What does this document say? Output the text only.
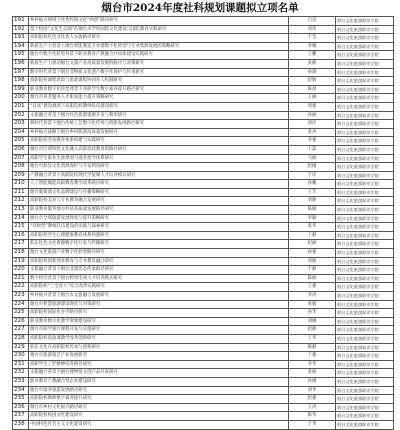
烟台市2024年度社科规划课题拟立项名单
191	乡村振兴视域下优秀传统文化“两创”路径研究	吕雷	烟台文化旅游职业学院
192	基于校园“文化生态圈”的烟台市学校国防文化建设与国防教育实践研究	刘伟	烟台文化旅游职业学院
193	高职院校红色文化育人实施路径研究	于莹	烟台文化旅游职业学院
194	新质生产力背景下烟台智能制造专业群数字化转型与专业集群发展的策略研究	李娜	烟台文化旅游职业学院
195	烟台市数字化转型背景下职业教育产教融合共同体建设实践研究	王鹏	烟台文化旅游职业学院
196	新质生产力驱动烟台文旅产业高质量发展的路径与对策研究	张静	烟台文化旅游职业学院
197	数字时代背景下烟台非物质文化遗产数字化保护与传承研究	孙晓	烟台文化旅游职业学院
198	高职院校课程思政与思政课程协同育人机制研究	赵敏	烟台文化旅游职业学院
199	职业教育数字化转型背景下高职学生数字素养提升路径研究	陈晨	烟台文化旅游职业学院
200	烟台市养老服务人才职业能力提升策略研究	王丽	烟台文化旅游职业学院
201	“双高”建设视域下高职院校教师队伍建设研究	周强	烟台文化旅游职业学院
202	文旅融合背景下烟台红色旅游资源开发与利用研究	孙丽	烟台文化旅游职业学院
203	新时代背景下烟台传统工艺数字化传承与创新发展路径研究	刘洋	烟台文化旅游职业学院
204	乡村振兴战略下烟台乡村旅游高质量发展研究	张涛	烟台文化旅游职业学院
205	高职院校劳动教育体系构建与实践研究	李强	烟台文化旅游职业学院
206	烟台市区域特色文化融入高职思政教育的路径研究	王磊	烟台文化旅游职业学院
207	高职学生职业生涯规划与就业指导体系研究	马丽	烟台文化旅游职业学院
208	烟台市海洋文化资源保护与开发利用研究	赵刚	烟台文化旅游职业学院
209	产教融合背景下高职院校现代学徒制人才培养模式研究	于洋	烟台文化旅游职业学院
210	人工智能赋能高职教育教学改革路径研究	孙鹏	烟台文化旅游职业学院
211	烟台葡萄酒文化品牌建设与传播策略研究	王芳	烟台文化旅游职业学院
212	高职院校美育与专业教育融合发展研究	刘静	烟台文化旅游职业学院
213	职业教育服务地方经济高质量发展路径研究	陈刚	烟台文化旅游职业学院
214	烟台市全域旅游发展现状与提升策略研究	李敏	烟台文化旅游职业学院
215	“双师型”教师队伍建设的实践与探索研究	张华	烟台文化旅游职业学院
216	高职院校学生心理健康教育体系构建研究	王静	烟台文化旅游职业学院
217	胶东红色文化资源数字化开发与传播研究	赵丽	烟台文化旅游职业学院
218	烟台文化旅游产业数字化转型路径研究	孙强	烟台文化旅游职业学院
219	高职院校创新创业教育与专业教育融合研究	刘敏	烟台文化旅游职业学院
220	文旅融合背景下烟台非遗活态传承路径研究	于静	烟台文化旅游职业学院
221	数字经济背景下烟台跨境电商人才培养模式研究	陈丽	烟台文化旅游职业学院
222	高职院校“三全育人”综合改革实践研究	王强	烟台文化旅游职业学院
223	乡村振兴背景下烟台农文旅融合发展研究	李涛	烟台文化旅游职业学院
224	烟台市智慧旅游建设现状与对策研究	张敏	烟台文化旅游职业学院
225	高职院校国际化办学路径研究	孙华	烟台文化旅游职业学院
226	职业教育数字化教学资源建设研究	刘刚	烟台文化旅游职业学院
227	烟台市研学旅行课程开发与实施研究	赵静	烟台文化旅游职业学院
228	高职院校思政课教学改革创新研究	王华	烟台文化旅游职业学院
229	胶东文化在高职院校传承与创新研究	陈静	烟台文化旅游职业学院
230	烟台市旅游演艺产业发展研究	于强	烟台文化旅游职业学院
231	高职学生工匠精神培育路径研究	李华	烟台文化旅游职业学院
232	文旅融合背景下烟台博物馆文创产品开发研究	张丽	烟台文化旅游职业学院
233	职业教育产教融合型企业建设研究	孙刚	烟台文化旅游职业学院
234	烟台市康养旅游发展路径研究	刘华	烟台文化旅游职业学院
235	高职院校教师数字素养提升研究	赵强	烟台文化旅游职业学院
236	烟台市乡村文化振兴路径研究	王涛	烟台文化旅游职业学院
237	高职院校校园文化建设研究	陈华	烟台文化旅游职业学院
238	中国特色社会主义文化建设研究	于华	烟台文化旅游职业学院
